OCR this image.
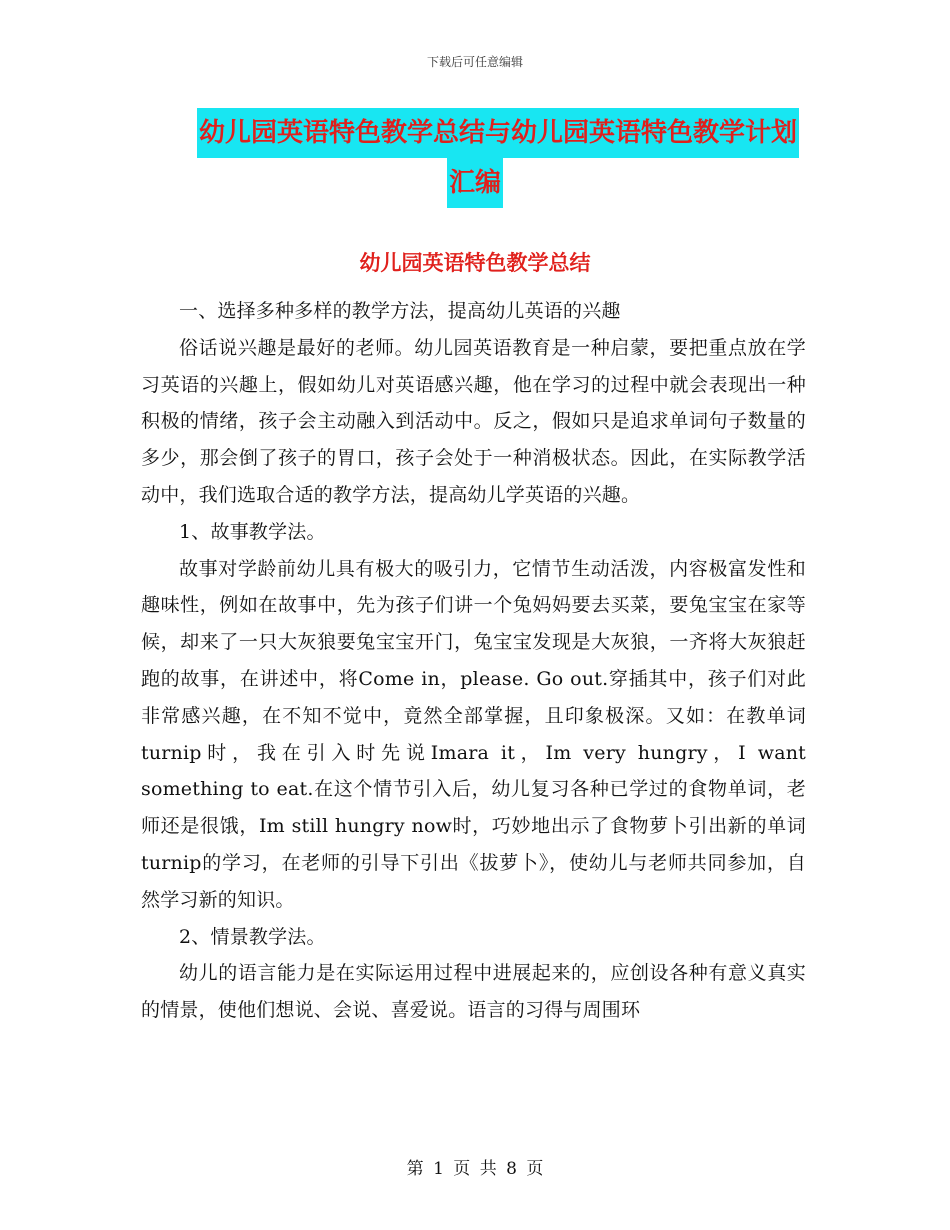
下载后可任意编辑
幼儿园英语特色教学总结与幼儿园英语特色教学计划
汇编
幼儿园英语特色教学总结

一、选择多种多样的教学方法，提高幼儿英语的兴趣

俗话说兴趣是最好的老师。幼儿园英语教育是一种启蒙，要把重点放在学习英语的兴趣上，假如幼儿对英语感兴趣，他在学习的过程中就会表现出一种积极的情绪，孩子会主动融入到活动中。反之，假如只是追求单词句子数量的多少，那会倒了孩子的胃口，孩子会处于一种消极状态。因此，在实际教学活动中，我们选取合适的教学方法，提高幼儿学英语的兴趣。

1、故事教学法。

故事对学龄前幼儿具有极大的吸引力，它情节生动活泼，内容极富发性和趣味性，例如在故事中，先为孩子们讲一个兔妈妈要去买菜，要兔宝宝在家等候，却来了一只大灰狼要兔宝宝开门，兔宝宝发现是大灰狼，一齐将大灰狼赶跑的故事，在讲述中，将Come in，please. Go out.穿插其中，孩子们对此非常感兴趣，在不知不觉中，竟然全部掌握，且印象极深。又如：在教单词turnip时，我在引入时先说Imara it，Im very hungry，I want something to eat.在这个情节引入后，幼儿复习各种已学过的食物单词，老师还是很饿，Im still hungry now时，巧妙地出示了食物萝卜引出新的单词turnip的学习，在老师的引导下引出《拔萝卜》，使幼儿与老师共同参加，自然学习新的知识。

2、情景教学法。

幼儿的语言能力是在实际运用过程中进展起来的，应创设各种有意义真实的情景，使他们想说、会说、喜爱说。语言的习得与周围环

第 1 页 共 8 页
